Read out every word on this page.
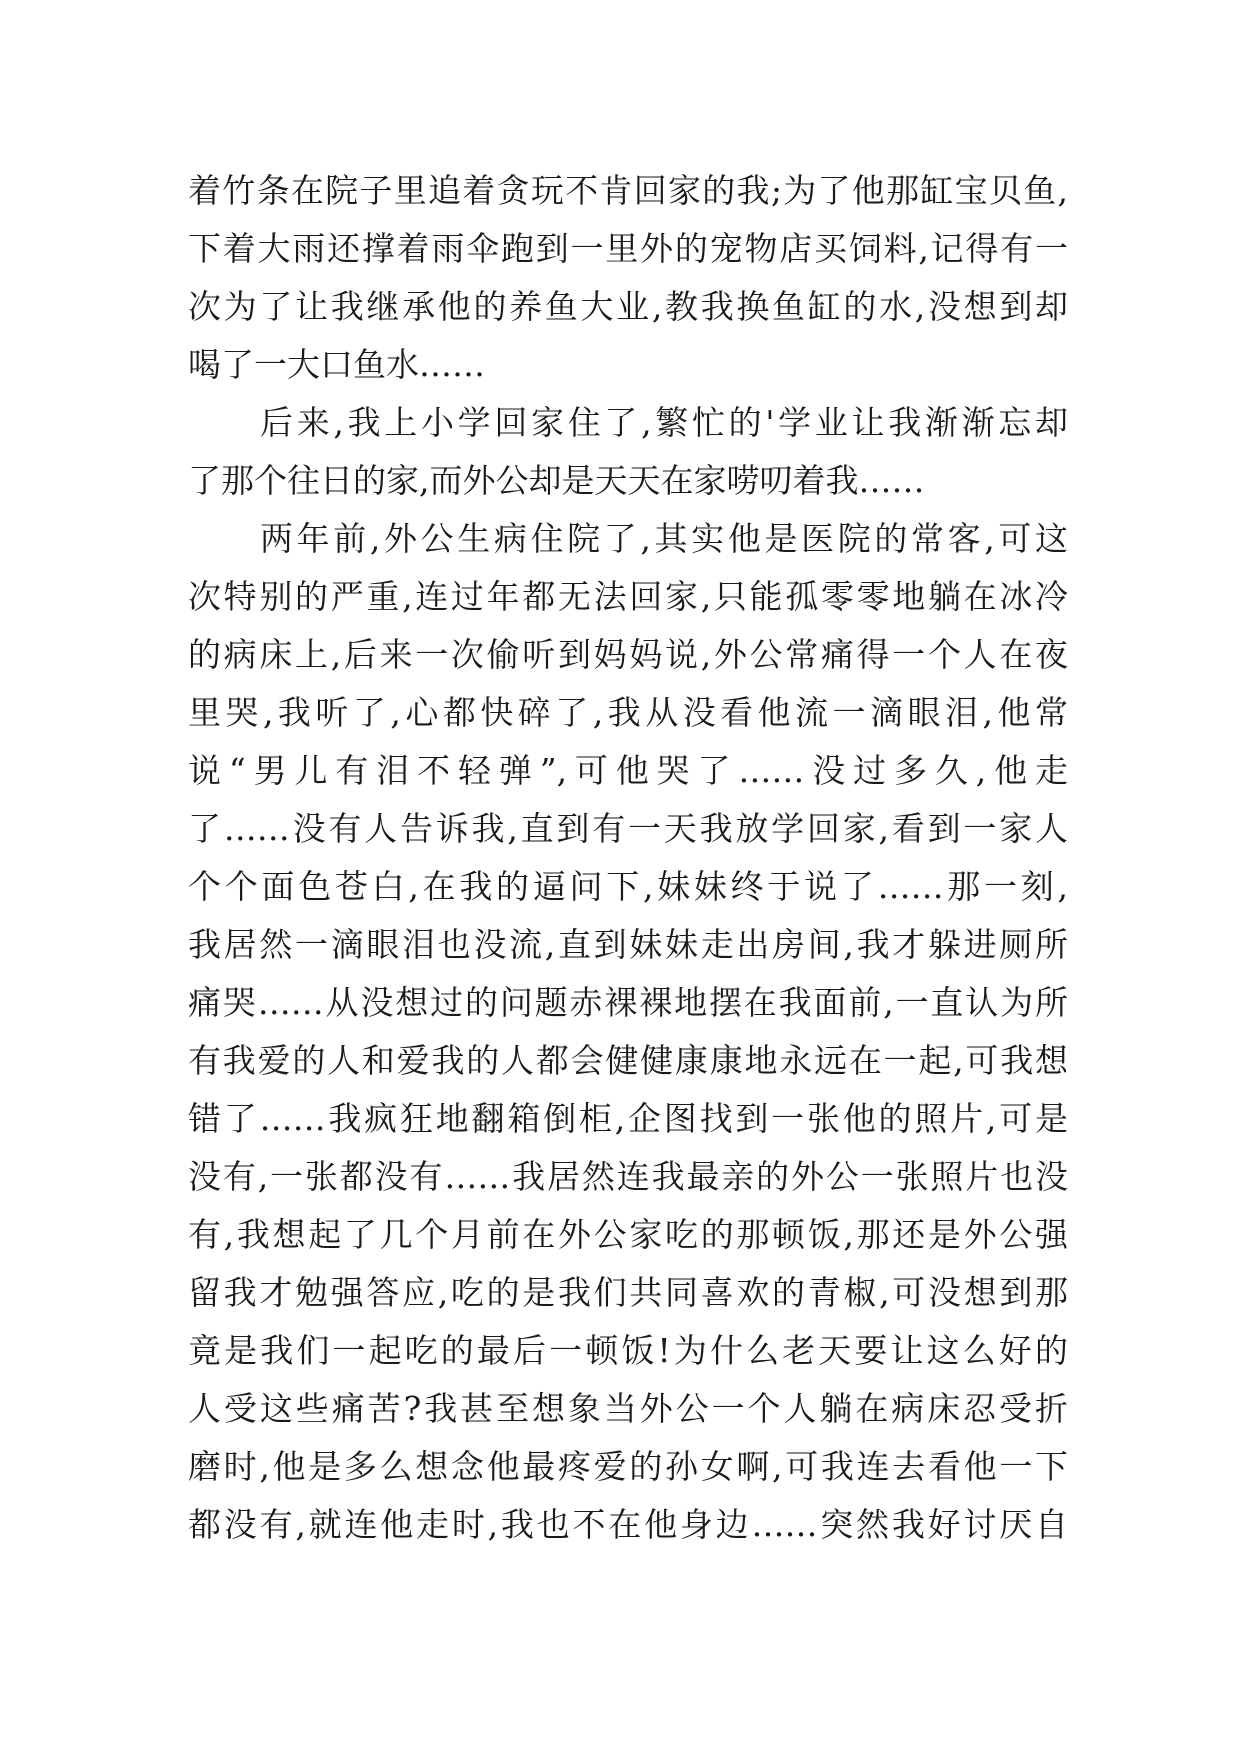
着竹条在院子里追着贪玩不肯回家的我;为了他那缸宝贝鱼,
下着大雨还撑着雨伞跑到一里外的宠物店买饲料,记得有一
次为了让我继承他的养鱼大业,教我换鱼缸的水,没想到却
喝了一大口鱼水……
后来,我上小学回家住了,繁忙的'学业让我渐渐忘却
了那个往日的家,而外公却是天天在家唠叨着我……
两年前,外公生病住院了,其实他是医院的常客,可这
次特别的严重,连过年都无法回家,只能孤零零地躺在冰冷
的病床上,后来一次偷听到妈妈说,外公常痛得一个人在夜
里哭,我听了,心都快碎了,我从没看他流一滴眼泪,他常
说“男儿有泪不轻弹”,可他哭了……没过多久,他走
了……没有人告诉我,直到有一天我放学回家,看到一家人
个个面色苍白,在我的逼问下,妹妹终于说了……那一刻,
我居然一滴眼泪也没流,直到妹妹走出房间,我才躲进厕所
痛哭……从没想过的问题赤裸裸地摆在我面前,一直认为所
有我爱的人和爱我的人都会健健康康地永远在一起,可我想
错了……我疯狂地翻箱倒柜,企图找到一张他的照片,可是
没有,一张都没有……我居然连我最亲的外公一张照片也没
有,我想起了几个月前在外公家吃的那顿饭,那还是外公强
留我才勉强答应,吃的是我们共同喜欢的青椒,可没想到那
竟是我们一起吃的最后一顿饭!为什么老天要让这么好的
人受这些痛苦?我甚至想象当外公一个人躺在病床忍受折
磨时,他是多么想念他最疼爱的孙女啊,可我连去看他一下
都没有,就连他走时,我也不在他身边……突然我好讨厌自
